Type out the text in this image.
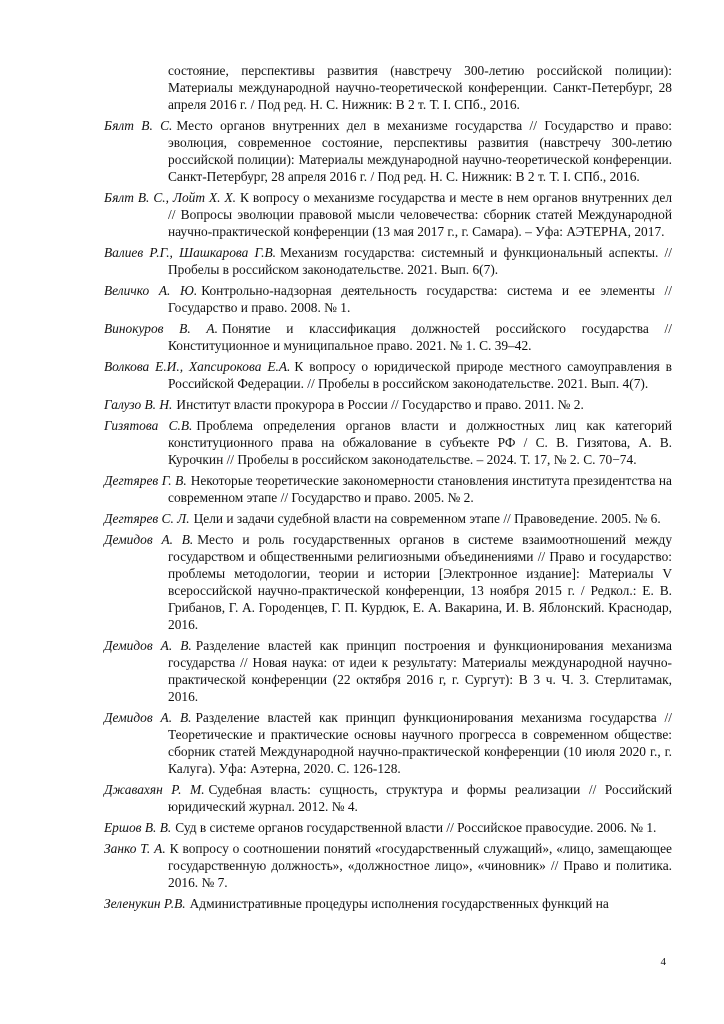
состояние, перспективы развития (навстречу 300-летию российской полиции): Материалы международной научно-теоретической конференции. Санкт-Петербург, 28 апреля 2016 г. / Под ред. Н. С. Нижник: В 2 т. Т. I. СПб., 2016.

Бялт В. С. Место органов внутренних дел в механизме государства // Государство и право: эволюция, современное состояние, перспективы развития (навстречу 300-летию российской полиции): Материалы международной научно-теоретической конференции. Санкт-Петербург, 28 апреля 2016 г. / Под ред. Н. С. Нижник: В 2 т. Т. I. СПб., 2016.

Бялт В. С., Лойт Х. Х. К вопросу о механизме государства и месте в нем органов внутренних дел // Вопросы эволюции правовой мысли человечества: сборник статей Международной научно-практической конференции (13 мая 2017 г., г. Самара). – Уфа: АЭТЕРНА, 2017.

Валиев Р.Г., Шашкарова Г.В. Механизм государства: системный и функциональный аспекты. // Пробелы в российском законодательстве. 2021. Вып. 6(7).

Величко А. Ю. Контрольно-надзорная деятельность государства: система и ее элементы // Государство и право. 2008. № 1.

Винокуров В. А. Понятие и классификация должностей российского государства // Конституционное и муниципальное право. 2021. № 1. С. 39–42.

Волкова Е.И., Хапсирокова Е.А. К вопросу о юридической природе местного самоуправления в Российской Федерации. // Пробелы в российском законодательстве. 2021. Вып. 4(7).

Галузо В. Н. Институт власти прокурора в России // Государство и право. 2011. № 2.

Гизятова С.В. Проблема определения органов власти и должностных лиц как категорий конституционного права на обжалование в субъекте РФ / С. В. Гизятова, А. В. Курочкин // Пробелы в российском законодательстве. – 2024. Т. 17, № 2. С. 70−74.

Дегтярев Г. В. Некоторые теоретические закономерности становления института президентства на современном этапе // Государство и право. 2005. № 2.

Дегтярев С. Л. Цели и задачи судебной власти на современном этапе // Правоведение. 2005. № 6.

Демидов А. В. Место и роль государственных органов в системе взаимоотношений между государством и общественными религиозными объединениями // Право и государство: проблемы методологии, теории и истории [Электронное издание]: Материалы V всероссийской научно-практической конференции, 13 ноября 2015 г. / Редкол.: Е. В. Грибанов, Г. А. Городенцев, Г. П. Курдюк, Е. А. Вакарина, И. В. Яблонский. Краснодар, 2016.

Демидов А. В. Разделение властей как принцип построения и функционирования механизма государства // Новая наука: от идеи к результату: Материалы международной научно-практической конференции (22 октября 2016 г, г. Сургут): В 3 ч. Ч. 3. Стерлитамак, 2016.

Демидов А. В. Разделение властей как принцип функционирования механизма государства // Теоретические и практические основы научного прогресса в современном обществе: сборник статей Международной научно-практической конференции (10 июля 2020 г., г. Калуга). Уфа: Аэтерна, 2020. С. 126-128.

Джавахян Р. М. Судебная власть: сущность, структура и формы реализации // Российский юридический журнал. 2012. № 4.

Ершов В. В. Суд в системе органов государственной власти // Российское правосудие. 2006. № 1.

Занко Т. А. К вопросу о соотношении понятий «государственный служащий», «лицо, замещающее государственную должность», «должностное лицо», «чиновник» // Право и политика. 2016. № 7.

Зеленукин Р.В. Административные процедуры исполнения государственных функций на

4
